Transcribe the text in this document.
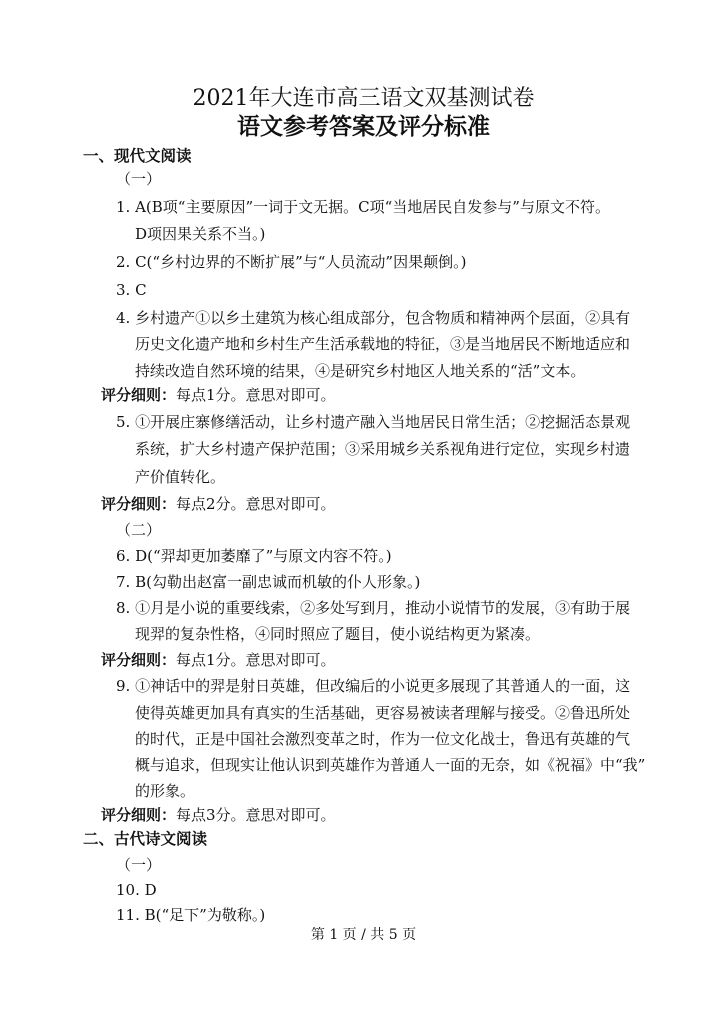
2021年大连市高三语文双基测试卷
语文参考答案及评分标准
一、现代文阅读
（一）
1. A(B项“主要原因”一词于文无据。C项“当地居民自发参与”与原文不符。
D项因果关系不当。)
2. C(“乡村边界的不断扩展”与“人员流动”因果颠倒。)
3. C
4. 乡村遗产①以乡土建筑为核心组成部分，包含物质和精神两个层面，②具有
历史文化遗产地和乡村生产生活承载地的特征，③是当地居民不断地适应和
持续改造自然环境的结果，④是研究乡村地区人地关系的“活”文本。
评分细则：每点1分。意思对即可。
5. ①开展庄寨修缮活动，让乡村遗产融入当地居民日常生活；②挖掘活态景观
系统，扩大乡村遗产保护范围；③采用城乡关系视角进行定位，实现乡村遗
产价值转化。
评分细则：每点2分。意思对即可。
（二）
6. D(“羿却更加萎靡了”与原文内容不符。)
7. B(勾勒出赵富一副忠诚而机敏的仆人形象。)
8. ①月是小说的重要线索，②多处写到月，推动小说情节的发展，③有助于展
现羿的复杂性格，④同时照应了题目，使小说结构更为紧凑。
评分细则：每点1分。意思对即可。
9. ①神话中的羿是射日英雄，但改编后的小说更多展现了其普通人的一面，这
使得英雄更加具有真实的生活基础，更容易被读者理解与接受。②鲁迅所处
的时代，正是中国社会激烈变革之时，作为一位文化战士，鲁迅有英雄的气
概与追求，但现实让他认识到英雄作为普通人一面的无奈，如《祝福》中“我”
的形象。
评分细则：每点3分。意思对即可。
二、古代诗文阅读
（一）
10. D
11. B(“足下”为敬称。)
第 1 页 / 共 5 页
